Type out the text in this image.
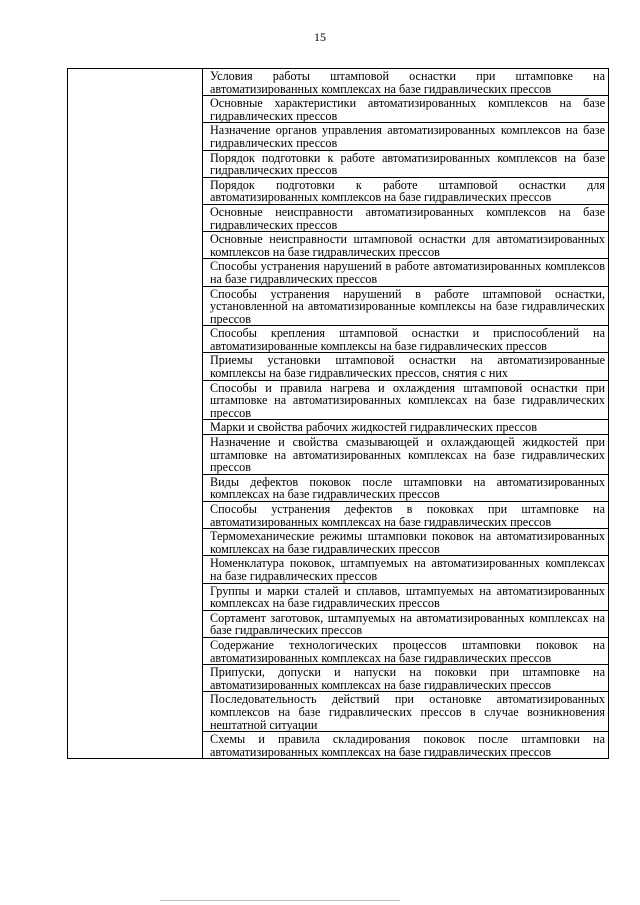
15
Условия работы штамповой оснастки при штамповке на автоматизированных комплексах на базе гидравлических прессов
Основные характеристики автоматизированных комплексов на базе гидравлических прессов
Назначение органов управления автоматизированных комплексов на базе гидравлических прессов
Порядок подготовки к работе автоматизированных комплексов на базе гидравлических прессов
Порядок подготовки к работе штамповой оснастки для автоматизированных комплексов на базе гидравлических прессов
Основные неисправности автоматизированных комплексов на базе гидравлических прессов
Основные неисправности штамповой оснастки для автоматизированных комплексов на базе гидравлических прессов
Способы устранения нарушений в работе автоматизированных комплексов на базе гидравлических прессов
Способы устранения нарушений в работе штамповой оснастки, установленной на автоматизированные комплексы на базе гидравлических прессов
Способы крепления штамповой оснастки и приспособлений на автоматизированные комплексы на базе гидравлических прессов
Приемы установки штамповой оснастки на автоматизированные комплексы на базе гидравлических прессов, снятия с них
Способы и правила нагрева и охлаждения штамповой оснастки при штамповке на автоматизированных комплексах на базе гидравлических прессов
Марки и свойства рабочих жидкостей гидравлических прессов
Назначение и свойства смазывающей и охлаждающей жидкостей при штамповке на автоматизированных комплексах на базе гидравлических прессов
Виды дефектов поковок после штамповки на автоматизированных комплексах на базе гидравлических прессов
Способы устранения дефектов в поковках при штамповке на автоматизированных комплексах на базе гидравлических прессов
Термомеханические режимы штамповки поковок на автоматизированных комплексах на базе гидравлических прессов
Номенклатура поковок, штампуемых на автоматизированных комплексах на базе гидравлических прессов
Группы и марки сталей и сплавов, штампуемых на автоматизированных комплексах на базе гидравлических прессов
Сортамент заготовок, штампуемых на автоматизированных комплексах на базе гидравлических прессов
Содержание технологических процессов штамповки поковок на автоматизированных комплексах на базе гидравлических прессов
Припуски, допуски и напуски на поковки при штамповке на автоматизированных комплексах на базе гидравлических прессов
Последовательность действий при остановке автоматизированных комплексов на базе гидравлических прессов в случае возникновения нештатной ситуации
Схемы и правила складирования поковок после штамповки на автоматизированных комплексах на базе гидравлических прессов
